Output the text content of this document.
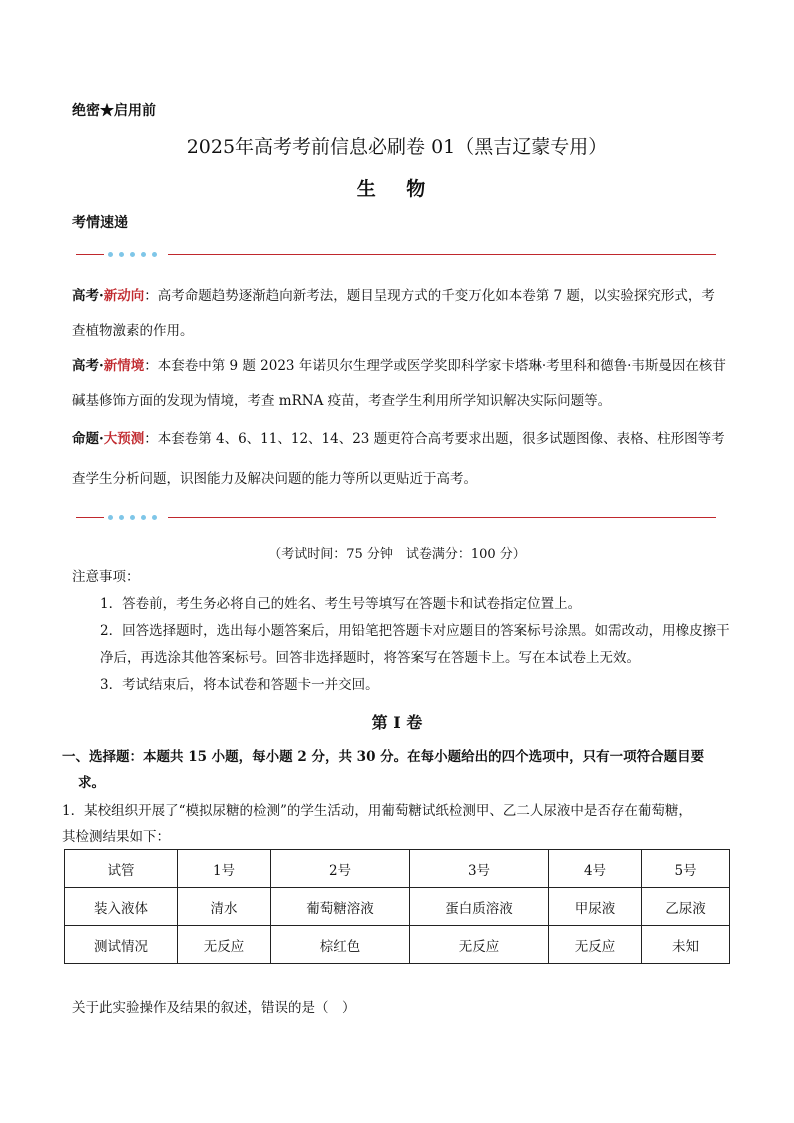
绝密★启用前
2025年高考考前信息必刷卷 01（黑吉辽蒙专用）
生 物
考情速递
高考·新动向：高考命题趋势逐渐趋向新考法，题目呈现方式的千变万化如本卷第 7 题，以实验探究形式，考查植物激素的作用。
高考·新情境：本套卷中第 9 题 2023 年诺贝尔生理学或医学奖即科学家卡塔琳·考里科和德鲁·韦斯曼因在核苷碱基修饰方面的发现为情境，考查 mRNA 疫苗，考查学生利用所学知识解决实际问题等。
命题·大预测：本套卷第 4、6、11、12、14、23 题更符合高考要求出题，很多试题图像、表格、柱形图等考查学生分析问题，识图能力及解决问题的能力等所以更贴近于高考。
（考试时间：75 分钟　试卷满分：100 分）
注意事项：
1．答卷前，考生务必将自己的姓名、考生号等填写在答题卡和试卷指定位置上。
2．回答选择题时，选出每小题答案后，用铅笔把答题卡对应题目的答案标号涂黑。如需改动，用橡皮擦干净后，再选涂其他答案标号。回答非选择题时，将答案写在答题卡上。写在本试卷上无效。
3．考试结束后，将本试卷和答题卡一并交回。
第 I 卷
一、选择题：本题共 15 小题，每小题 2 分，共 30 分。在每小题给出的四个选项中，只有一项符合题目要
求。
1．某校组织开展了“模拟尿糖的检测”的学生活动，用葡萄糖试纸检测甲、乙二人尿液中是否存在葡萄糖，
其检测结果如下：
试管	1号	2号	3号	4号	5号
装入液体	清水	葡萄糖溶液	蛋白质溶液	甲尿液	乙尿液
测试情况	无反应	棕红色	无反应	无反应	未知
关于此实验操作及结果的叙述，错误的是（　）
